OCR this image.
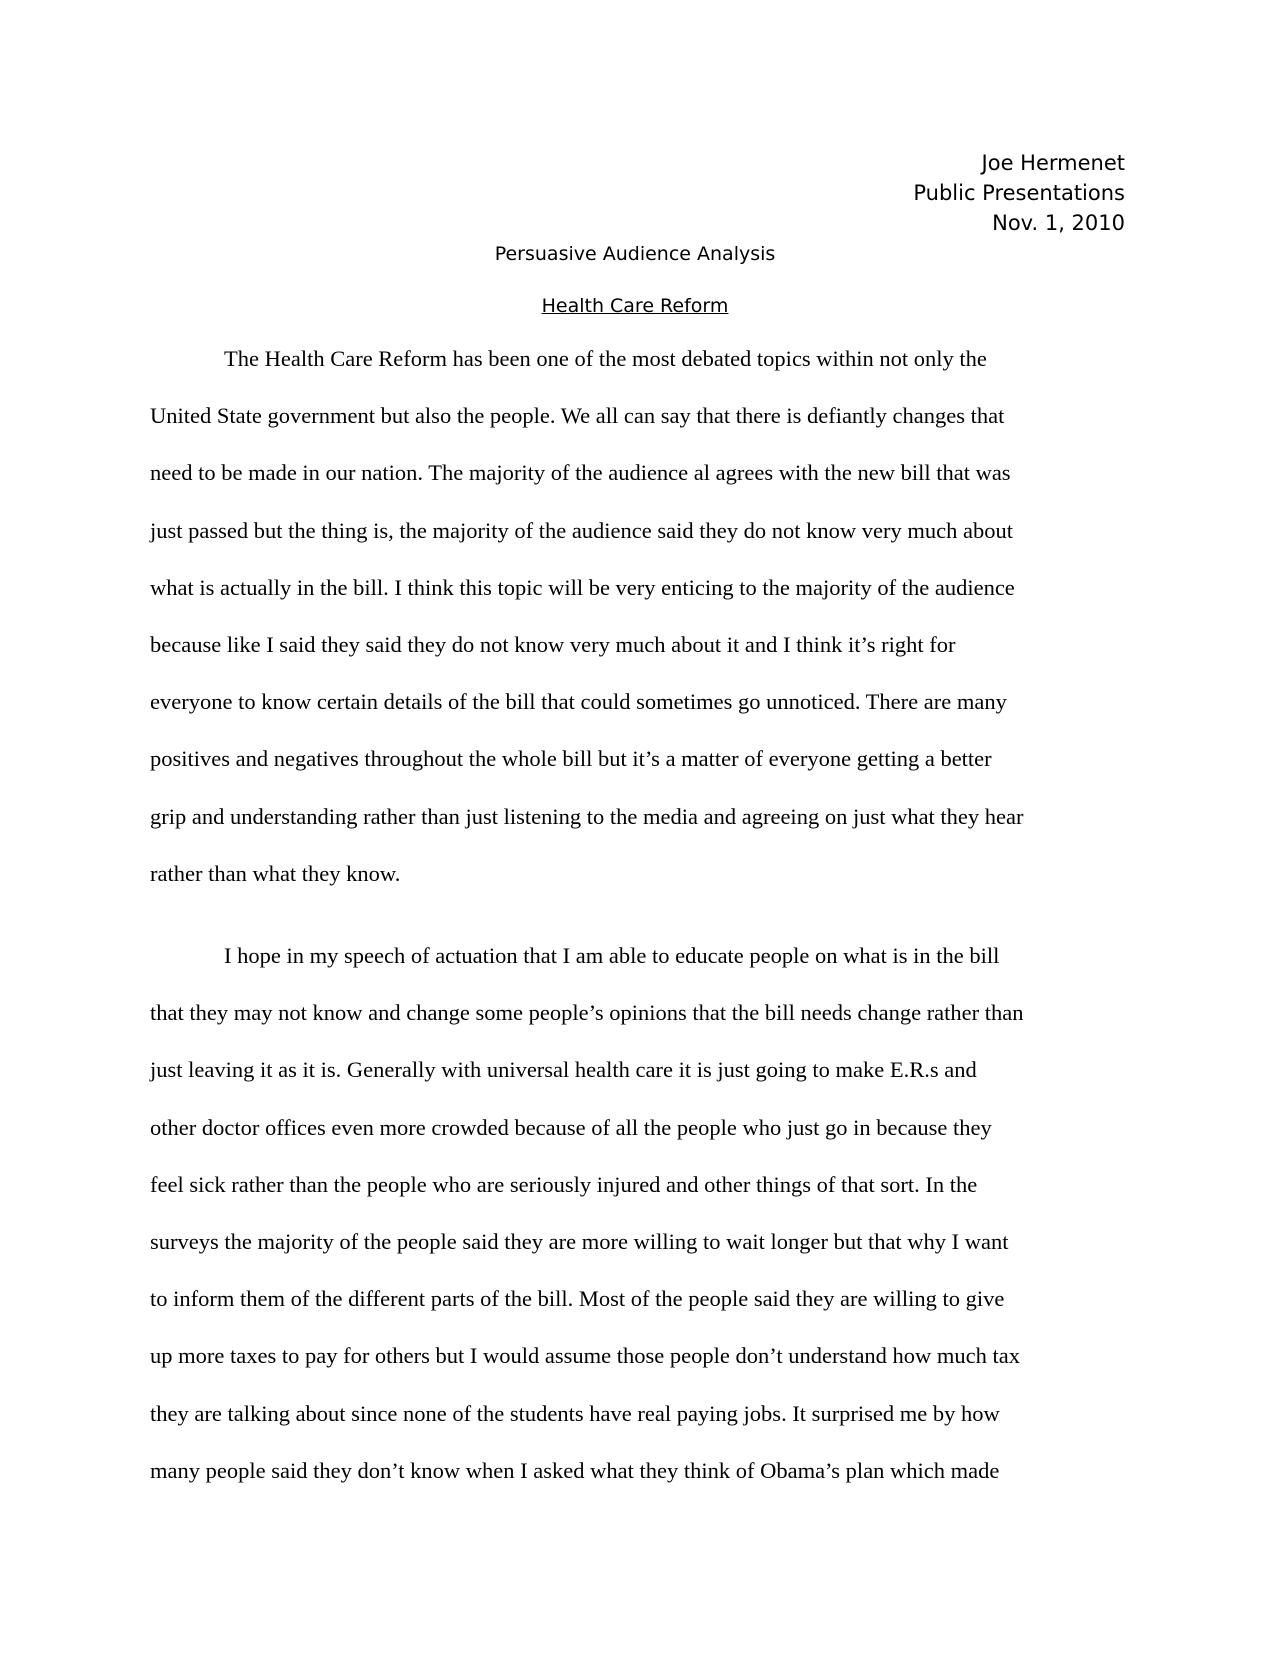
Joe Hermenet
Public Presentations
Nov. 1, 2010
Persuasive Audience Analysis
Health Care Reform
The Health Care Reform has been one of the most debated topics within not only the
United State government but also the people. We all can say that there is defiantly changes that
need to be made in our nation. The majority of the audience al agrees with the new bill that was
just passed but the thing is, the majority of the audience said they do not know very much about
what is actually in the bill. I think this topic will be very enticing to the majority of the audience
because like I said they said they do not know very much about it and I think it’s right for
everyone to know certain details of the bill that could sometimes go unnoticed. There are many
positives and negatives throughout the whole bill but it’s a matter of everyone getting a better
grip and understanding rather than just listening to the media and agreeing on just what they hear
rather than what they know.
I hope in my speech of actuation that I am able to educate people on what is in the bill
that they may not know and change some people’s opinions that the bill needs change rather than
just leaving it as it is. Generally with universal health care it is just going to make E.R.s and
other doctor offices even more crowded because of all the people who just go in because they
feel sick rather than the people who are seriously injured and other things of that sort. In the
surveys the majority of the people said they are more willing to wait longer but that why I want
to inform them of the different parts of the bill. Most of the people said they are willing to give
up more taxes to pay for others but I would assume those people don’t understand how much tax
they are talking about since none of the students have real paying jobs. It surprised me by how
many people said they don’t know when I asked what they think of Obama’s plan which made
